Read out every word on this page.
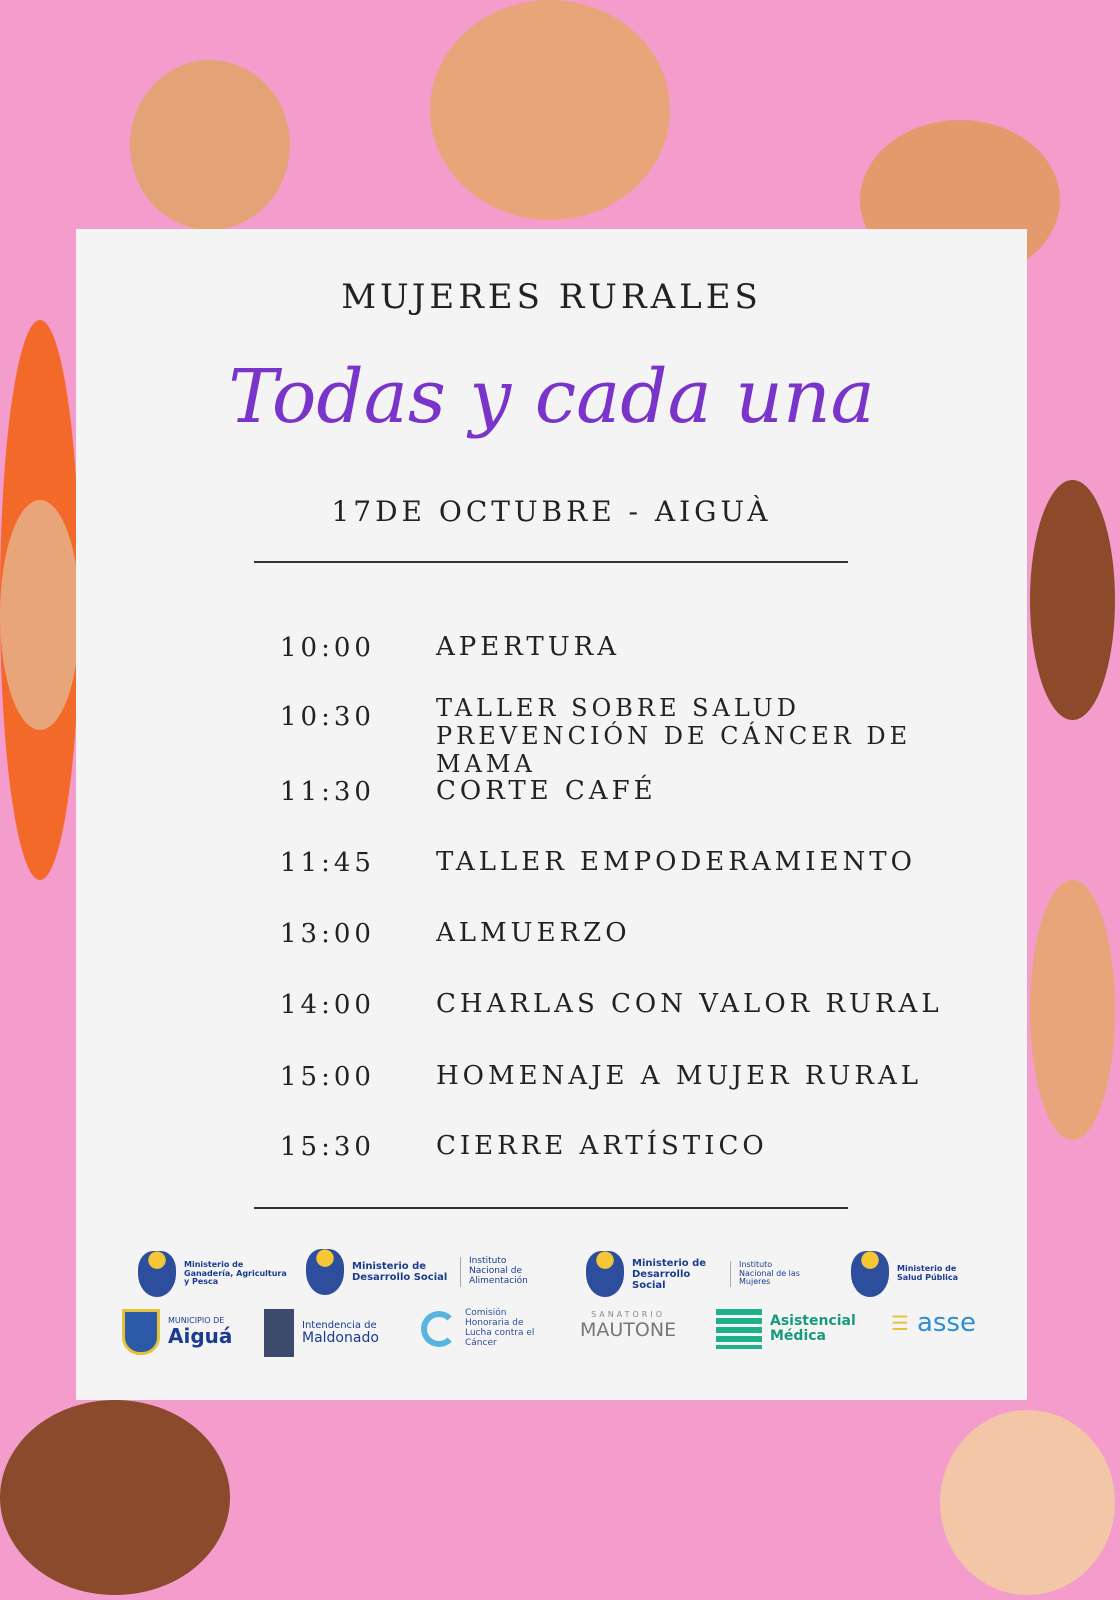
MUJERES RURALES
Todas y cada una
17DE OCTUBRE - AIGUÀ
10:00	APERTURA
10:30	TALLER SOBRE SALUD
PREVENCIÓN DE CÁNCER DE MAMA
11:30	CORTE CAFÉ
11:45	TALLER EMPODERAMIENTO
13:00	ALMUERZO
14:00	CHARLAS CON VALOR RURAL
15:00	HOMENAJE A MUJER RURAL
15:30	CIERRE ARTÍSTICO
Ministerio de Ganadería, Agricultura y Pesca
Ministerio de Desarrollo Social
Instituto Nacional de Alimentación
Ministerio de Desarrollo Social
Instituto Nacional de las Mujeres
Ministerio de Salud Pública
MUNICIPIO DE
Aiguá	Intendencia de
Maldonado
Comisión Honoraria de Lucha contra el Cáncer
SANATORIO
MAUTONE	Asistencial Médica
☰ asse
